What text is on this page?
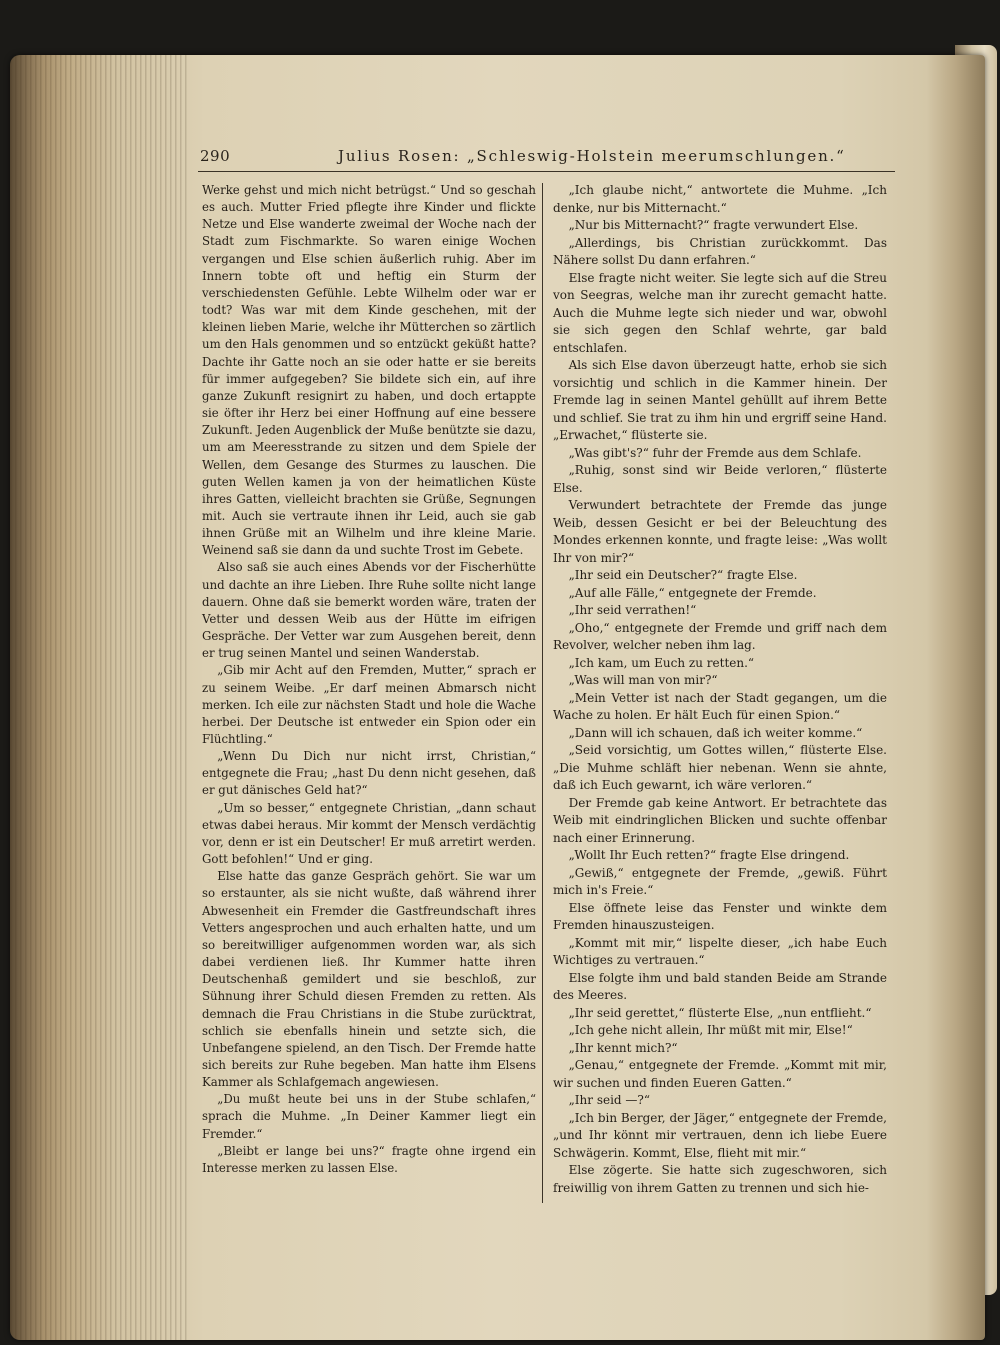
290	Julius Rosen: „Schleswig-Holstein meerumschlungen.“

Werke gehst und mich nicht betrügst.“ Und so geschah es auch. Mutter Fried pflegte ihre Kinder und flickte Netze und Else wanderte zweimal der Woche nach der Stadt zum Fischmarkte. So waren einige Wochen vergangen und Else schien äußerlich ruhig. Aber im Innern tobte oft und heftig ein Sturm der verschiedensten Gefühle. Lebte Wilhelm oder war er todt? Was war mit dem Kinde geschehen, mit der kleinen lieben Marie, welche ihr Mütterchen so zärtlich um den Hals genommen und so entzückt geküßt hatte? Dachte ihr Gatte noch an sie oder hatte er sie bereits für immer aufgegeben? Sie bildete sich ein, auf ihre ganze Zukunft resignirt zu haben, und doch ertappte sie öfter ihr Herz bei einer Hoffnung auf eine bessere Zukunft. Jeden Augenblick der Muße benützte sie dazu, um am Meeresstrande zu sitzen und dem Spiele der Wellen, dem Gesange des Sturmes zu lauschen. Die guten Wellen kamen ja von der heimatlichen Küste ihres Gatten, vielleicht brachten sie Grüße, Segnungen mit. Auch sie vertraute ihnen ihr Leid, auch sie gab ihnen Grüße mit an Wilhelm und ihre kleine Marie. Weinend saß sie dann da und suchte Trost im Gebete.

Also saß sie auch eines Abends vor der Fischerhütte und dachte an ihre Lieben. Ihre Ruhe sollte nicht lange dauern. Ohne daß sie bemerkt worden wäre, traten der Vetter und dessen Weib aus der Hütte im eifrigen Gespräche. Der Vetter war zum Ausgehen bereit, denn er trug seinen Mantel und seinen Wanderstab.

„Gib mir Acht auf den Fremden, Mutter,“ sprach er zu seinem Weibe. „Er darf meinen Abmarsch nicht merken. Ich eile zur nächsten Stadt und hole die Wache herbei. Der Deutsche ist entweder ein Spion oder ein Flüchtling.“

„Wenn Du Dich nur nicht irrst, Christian,“ entgegnete die Frau; „hast Du denn nicht gesehen, daß er gut dänisches Geld hat?“

„Um so besser,“ entgegnete Christian, „dann schaut etwas dabei heraus. Mir kommt der Mensch verdächtig vor, denn er ist ein Deutscher! Er muß arretirt werden. Gott befohlen!“ Und er ging.

Else hatte das ganze Gespräch gehört. Sie war um so erstaunter, als sie nicht wußte, daß während ihrer Abwesenheit ein Fremder die Gastfreundschaft ihres Vetters angesprochen und auch erhalten hatte, und um so bereitwilliger aufgenommen worden war, als sich dabei verdienen ließ. Ihr Kummer hatte ihren Deutschenhaß gemildert und sie beschloß, zur Sühnung ihrer Schuld diesen Fremden zu retten. Als demnach die Frau Christians in die Stube zurücktrat, schlich sie ebenfalls hinein und setzte sich, die Unbefangene spielend, an den Tisch. Der Fremde hatte sich bereits zur Ruhe begeben. Man hatte ihm Elsens Kammer als Schlafgemach angewiesen.

„Du mußt heute bei uns in der Stube schlafen,“ sprach die Muhme. „In Deiner Kammer liegt ein Fremder.“

„Bleibt er lange bei uns?“ fragte ohne irgend ein Interesse merken zu lassen Else.

„Ich glaube nicht,“ antwortete die Muhme. „Ich denke, nur bis Mitternacht.“

„Nur bis Mitternacht?“ fragte verwundert Else.

„Allerdings, bis Christian zurückkommt. Das Nähere sollst Du dann erfahren.“

Else fragte nicht weiter. Sie legte sich auf die Streu von Seegras, welche man ihr zurecht gemacht hatte. Auch die Muhme legte sich nieder und war, obwohl sie sich gegen den Schlaf wehrte, gar bald entschlafen.

Als sich Else davon überzeugt hatte, erhob sie sich vorsichtig und schlich in die Kammer hinein. Der Fremde lag in seinen Mantel gehüllt auf ihrem Bette und schlief. Sie trat zu ihm hin und ergriff seine Hand. „Erwachet,“ flüsterte sie.

„Was gibt's?“ fuhr der Fremde aus dem Schlafe.

„Ruhig, sonst sind wir Beide verloren,“ flüsterte Else.

Verwundert betrachtete der Fremde das junge Weib, dessen Gesicht er bei der Beleuchtung des Mondes erkennen konnte, und fragte leise: „Was wollt Ihr von mir?“

„Ihr seid ein Deutscher?“ fragte Else.

„Auf alle Fälle,“ entgegnete der Fremde.

„Ihr seid verrathen!“

„Oho,“ entgegnete der Fremde und griff nach dem Revolver, welcher neben ihm lag.

„Ich kam, um Euch zu retten.“

„Was will man von mir?“

„Mein Vetter ist nach der Stadt gegangen, um die Wache zu holen. Er hält Euch für einen Spion.“

„Dann will ich schauen, daß ich weiter komme.“

„Seid vorsichtig, um Gottes willen,“ flüsterte Else. „Die Muhme schläft hier nebenan. Wenn sie ahnte, daß ich Euch gewarnt, ich wäre verloren.“

Der Fremde gab keine Antwort. Er betrachtete das Weib mit eindringlichen Blicken und suchte offenbar nach einer Erinnerung.

„Wollt Ihr Euch retten?“ fragte Else dringend.

„Gewiß,“ entgegnete der Fremde, „gewiß. Führt mich in's Freie.“

Else öffnete leise das Fenster und winkte dem Fremden hinauszusteigen.

„Kommt mit mir,“ lispelte dieser, „ich habe Euch Wichtiges zu vertrauen.“

Else folgte ihm und bald standen Beide am Strande des Meeres.

„Ihr seid gerettet,“ flüsterte Else, „nun entflieht.“

„Ich gehe nicht allein, Ihr müßt mit mir, Else!“

„Ihr kennt mich?“

„Genau,“ entgegnete der Fremde. „Kommt mit mir, wir suchen und finden Eueren Gatten.“

„Ihr seid —?“

„Ich bin Berger, der Jäger,“ entgegnete der Fremde, „und Ihr könnt mir vertrauen, denn ich liebe Euere Schwägerin. Kommt, Else, flieht mit mir.“

Else zögerte. Sie hatte sich zugeschworen, sich freiwillig von ihrem Gatten zu trennen und sich hie-
